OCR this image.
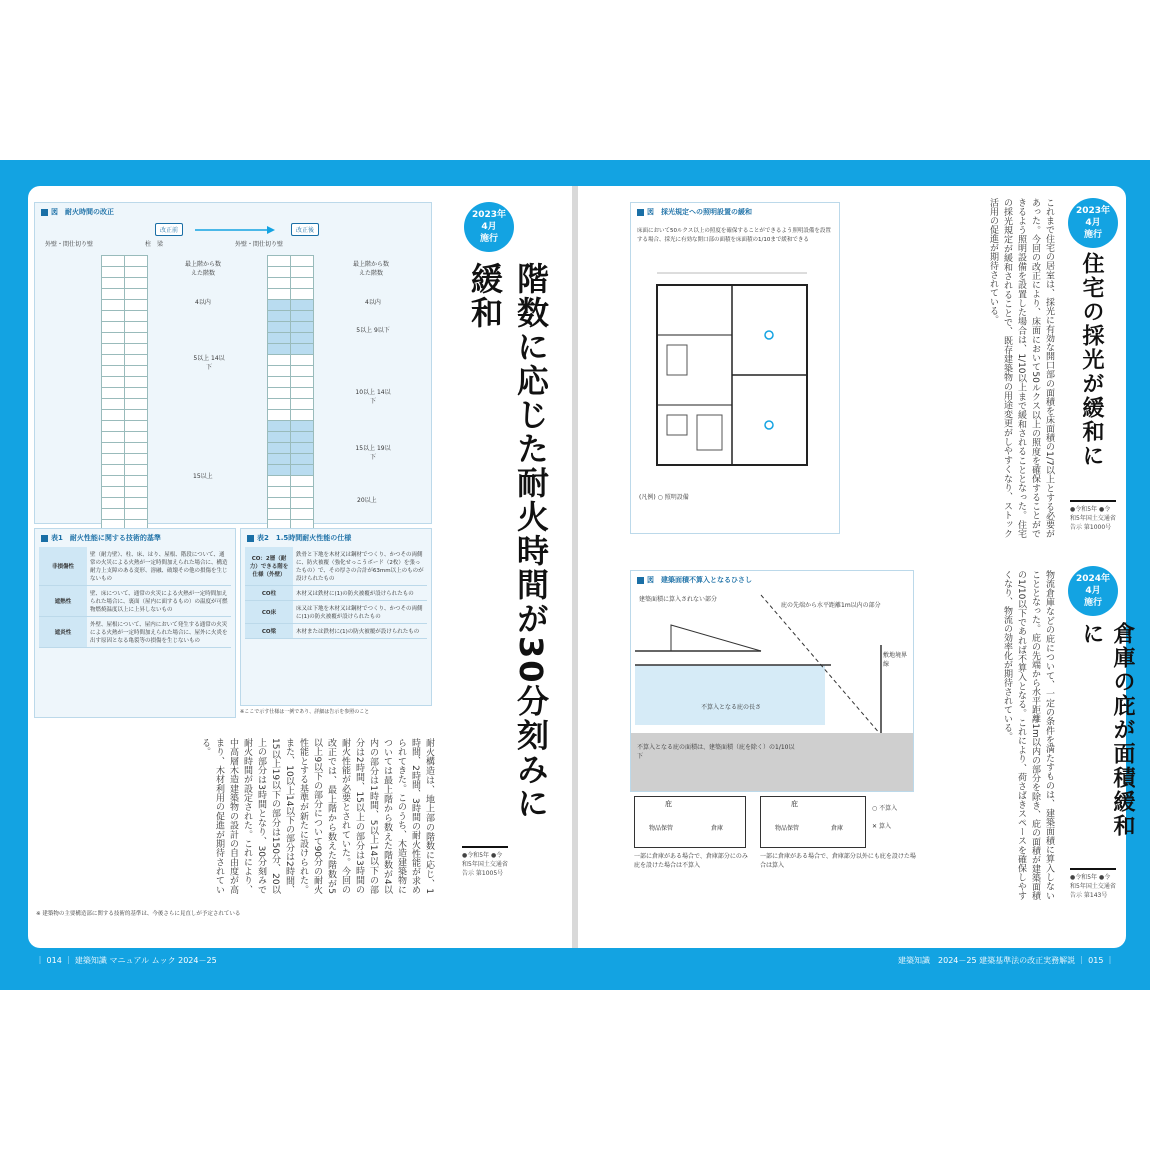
図　耐火時間の改正
改正前	改正後
外壁・間仕切り壁	柱　梁	外壁・間仕切り壁

最上階から数えた階数
最上階から数えた階数
4以内	4以内
5以上 14以下
15以上
5以上 9以下
10以上 14以下
15以上 19以下
20以上
2023年
4月
施行
階数に応じた耐火時間が30分刻みに緩和
●令和5年 ●令和5年国土交通省告示 第1005号
表1　耐火性能に関する技術的基準
非損傷性	壁（耐力壁）、柱、床、はり、屋根、階段について、通常の火災による火熱が一定時間加えられた場合に、構造耐力上支障のある変形、溶融、破壊その他の損傷を生じないもの
遮熱性	壁、床について、通常の火災による火熱が一定時間加えられた場合に、裏面（屋内に面するもの）の温度が可燃物燃焼温度以上に上昇しないもの
遮炎性	外壁、屋根について、屋内において発生する通常の火災による火熱が一定時間加えられた場合に、屋外に火炎を出す原因となる亀裂等の損傷を生じないもの
表2　1.5時間耐火性能の仕様
CO：2層（耐力）できる階を仕様（外壁）	鉄骨と下地を木材又は鋼材でつくり、かつその両側に、防火被覆（強化せっこうボード（2枚）を張ったもの）で、その厚さの合計が63mm以上のものが設けられたもの
CO柱	木材又は鉄材に(1)の防火被覆が設けられたもの
CO床	床又は下地を木材又は鋼材でつくり、かつその両側に(1)の防火被覆が設けられたもの
CO梁	木材または鉄材に(1)の防火被覆が設けられたもの
※ここで示す仕様は一例であり、詳細は告示を参照のこと
耐火構造は、地上部の階数に応じ、1時間、2時間、3時間の耐火性能が求められてきた。このうち、木造建築物については最上階から数えた階数が4以内の部分は1時間、5以上14以下の部分は2時間、15以上の部分は3時間の耐火性能が必要とされていた。今回の改正では、最上階から数えた階数が5以上9以下の部分について90分の耐火性能とする基準が新たに設けられた。また、10以上14以下の部分は2時間、15以上19以下の部分は150分、20以上の部分は3時間となり、30分刻みで耐火時間が設定された。これにより、中高層木造建築物の設計の自由度が高まり、木材利用の促進が期待されている。
※ 建築物の主要構造部に関する技術的基準は、今後さらに見直しが予定されている
｜ 014 ｜ 建築知識 マニュアル ムック 2024－25
図　採光規定への照明設置の緩和
床面において50ルクス以上の照度を確保することができるよう照明設備を設置する場合、採光に有効な開口部の面積を床面積の1/10まで緩和できる
(凡例) ○ 照明設備	これまで住宅の居室は、採光に有効な開口部の面積を床面積の1/7以上とする必要があった。今回の改正により、床面において50ルクス以上の照度を確保することができるよう照明設備を設置した場合は、1/10以上まで緩和されることとなった。住宅の採光規定が緩和されることで、既存建築物の用途変更がしやすくなり、ストック活用の促進が期待されている。	2023年
4月
施行
住宅の採光が緩和に
●令和5年 ●令和5年国土交通省告示 第1000号
図　建築面積不算入となるひさし
建築面積に算入されない部分
庇の先端から水平距離1m以内の部分
敷地境界線
不算入となる庇の長さ
不算入となる庇の面積は、建築面積（庇を除く）の1/10以下
庇
物品保管	倉庫
庇
物品保管	倉庫
○ 不算入
✕ 算入
一部に倉庫がある場合で、倉庫部分にのみ庇を設けた場合は不算入
一部に倉庫がある場合で、倉庫部分以外にも庇を設けた場合は算入	物流倉庫などの庇について、一定の条件を満たすものは、建築面積に算入しないこととなった。庇の先端から水平距離1m以内の部分を除き、庇の面積が建築面積の1/10以下であれば不算入となる。これにより、荷さばきスペースを確保しやすくなり、物流の効率化が期待されている。	2024年
4月
施行
倉庫の庇が面積緩和に
●令和5年 ●令和5年国土交通省告示 第143号
建築知識　2024－25 建築基準法の改正実務解説 ｜ 015 ｜
